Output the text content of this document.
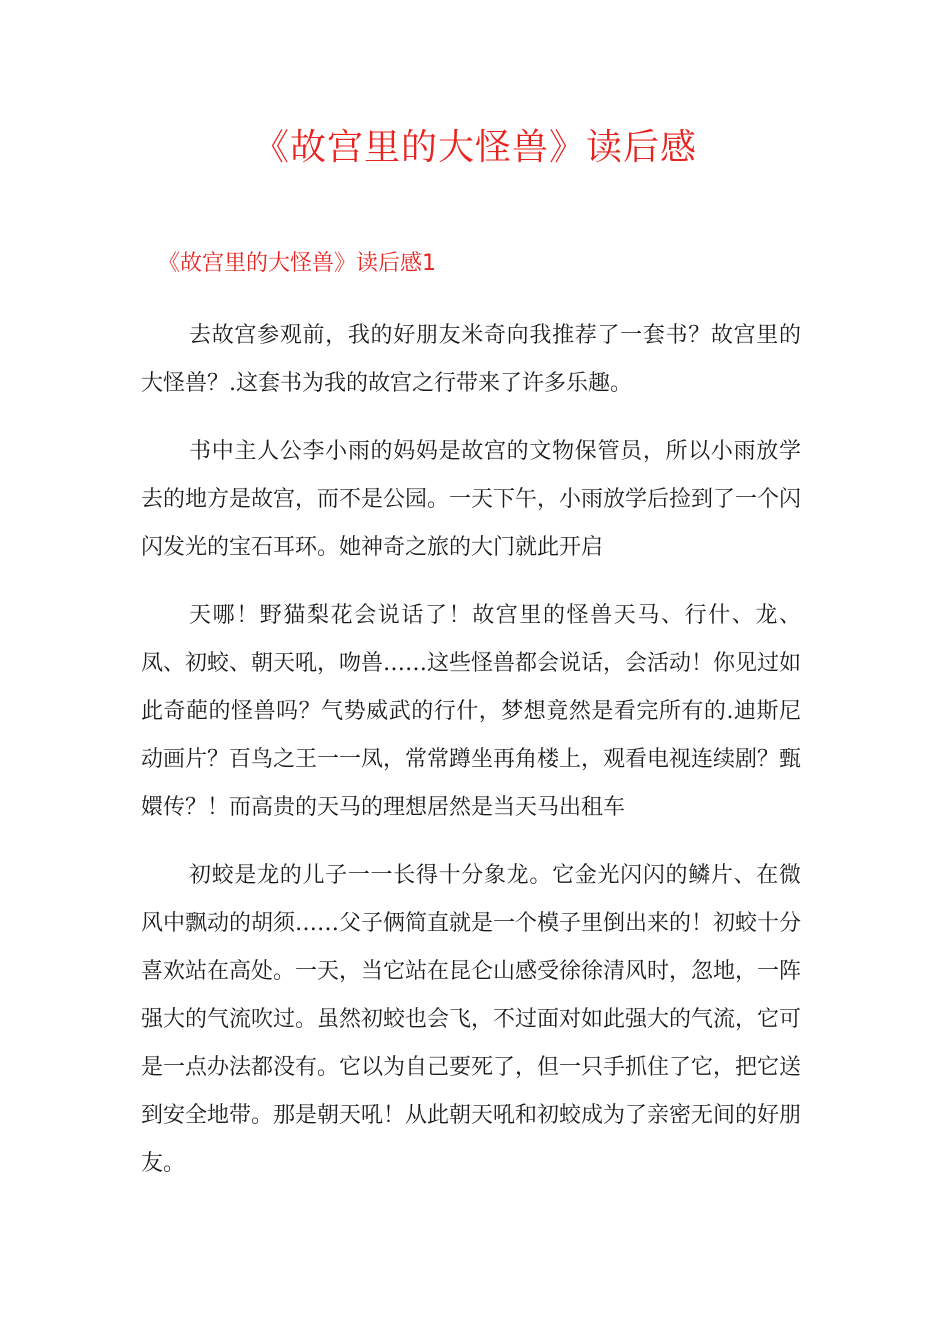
《故宫里的大怪兽》读后感
《故宫里的大怪兽》读后感1

去故宫参观前，我的好朋友米奇向我推荐了一套书？故宫里的大怪兽？.这套书为我的故宫之行带来了许多乐趣。

书中主人公李小雨的妈妈是故宫的文物保管员，所以小雨放学去的地方是故宫，而不是公园。一天下午，小雨放学后捡到了一个闪闪发光的宝石耳环。她神奇之旅的大门就此开启

天哪！野猫梨花会说话了！故宫里的怪兽天马、行什、龙、凤、初蛟、朝天吼，吻兽……这些怪兽都会说话，会活动！你见过如此奇葩的怪兽吗？气势威武的行什，梦想竟然是看完所有的.迪斯尼动画片？百鸟之王一一凤，常常蹲坐再角楼上，观看电视连续剧？甄嬛传？！而高贵的天马的理想居然是当天马出租车

初蛟是龙的儿子一一长得十分象龙。它金光闪闪的鳞片、在微风中飘动的胡须……父子俩简直就是一个模子里倒出来的！初蛟十分喜欢站在高处。一天，当它站在昆仑山感受徐徐清风时，忽地，一阵强大的气流吹过。虽然初蛟也会飞，不过面对如此强大的气流，它可是一点办法都没有。它以为自己要死了，但一只手抓住了它，把它送到安全地带。那是朝天吼！从此朝天吼和初蛟成为了亲密无间的好朋友。
